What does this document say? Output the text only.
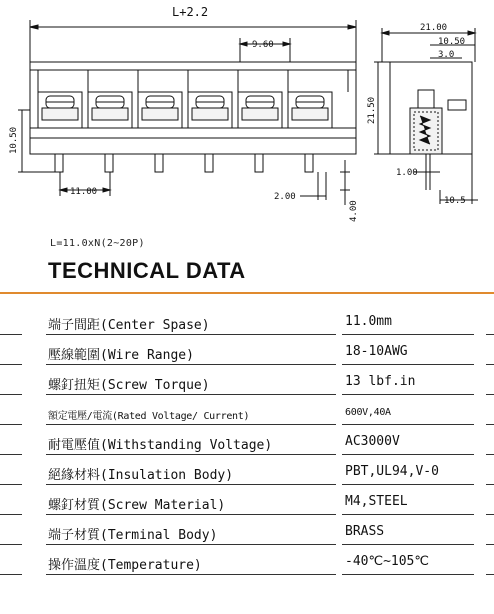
L+2.2
9.60
21.00
10.50
3.0
21.50
10.50
11.00	2.00
4.00
1.00
10.5
L=11.0xN(2~20P)
TECHNICAL DATA
端子間距(Center Spase)	11.0mm
壓線範圍(Wire Range)	18-10AWG
螺釘扭矩(Screw Torque)	13 lbf.in
額定電壓/電流(Rated Voltage/ Current)	600V,40A
耐電壓值(Withstanding Voltage)	AC3000V
絕緣材料(Insulation Body)	PBT,UL94,V-0
螺釘材質(Screw Material)	M4,STEEL
端子材質(Terminal Body)	BRASS
操作溫度(Temperature)	-40℃~105℃
